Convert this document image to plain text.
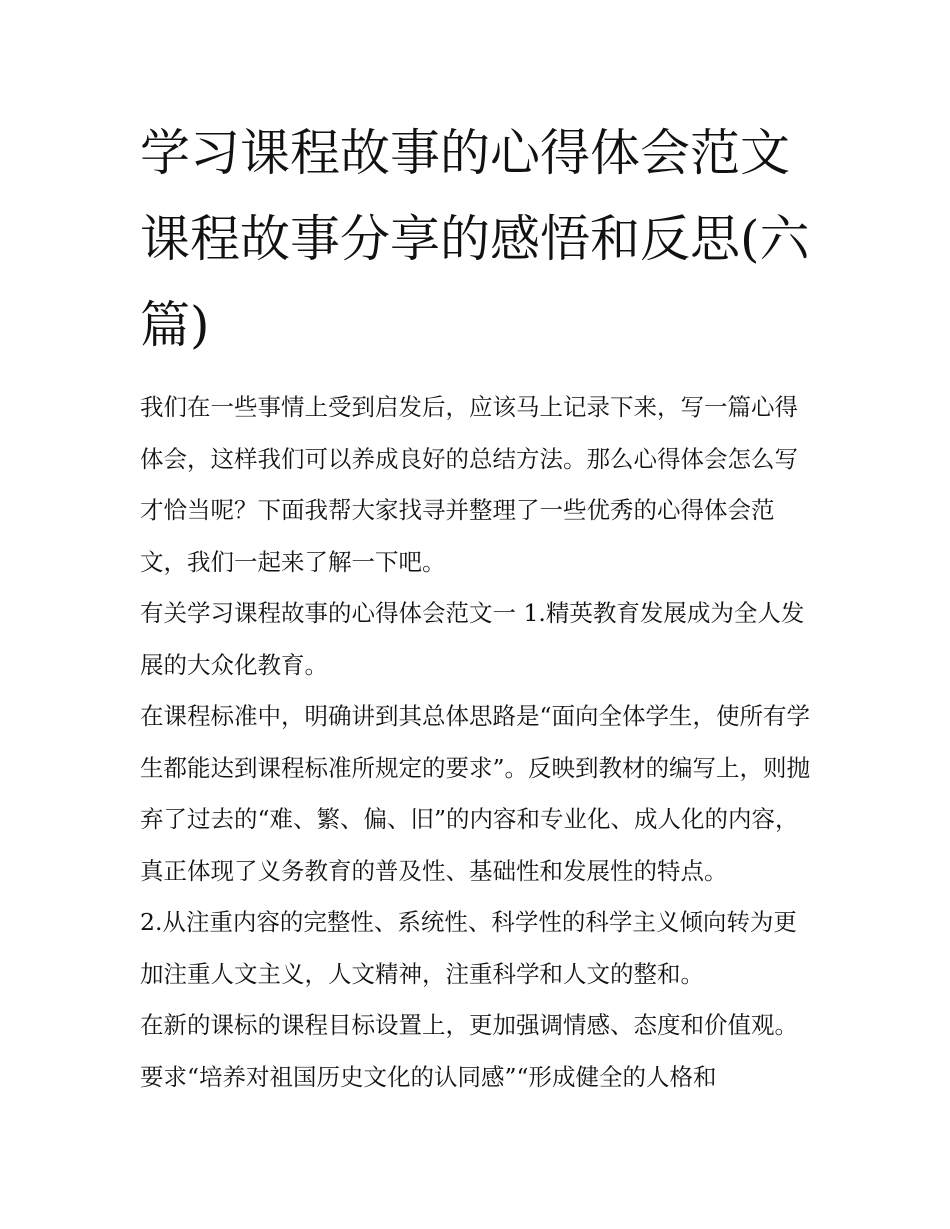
学习课程故事的心得体会范文课程故事分享的感悟和反思(六篇)

我们在一些事情上受到启发后，应该马上记录下来，写一篇心得体会，这样我们可以养成良好的总结方法。那么心得体会怎么写才恰当呢？下面我帮大家找寻并整理了一些优秀的心得体会范文，我们一起来了解一下吧。

有关学习课程故事的心得体会范文一 1.精英教育发展成为全人发展的大众化教育。

在课程标准中，明确讲到其总体思路是“面向全体学生，使所有学生都能达到课程标准所规定的要求”。反映到教材的编写上，则抛弃了过去的“难、繁、偏、旧”的内容和专业化、成人化的内容，真正体现了义务教育的普及性、基础性和发展性的特点。

2.从注重内容的完整性、系统性、科学性的科学主义倾向转为更加注重人文主义，人文精神，注重科学和人文的整和。

在新的课标的课程目标设置上，更加强调情感、态度和价值观。要求“培养对祖国历史文化的认同感”“形成健全的人格和
